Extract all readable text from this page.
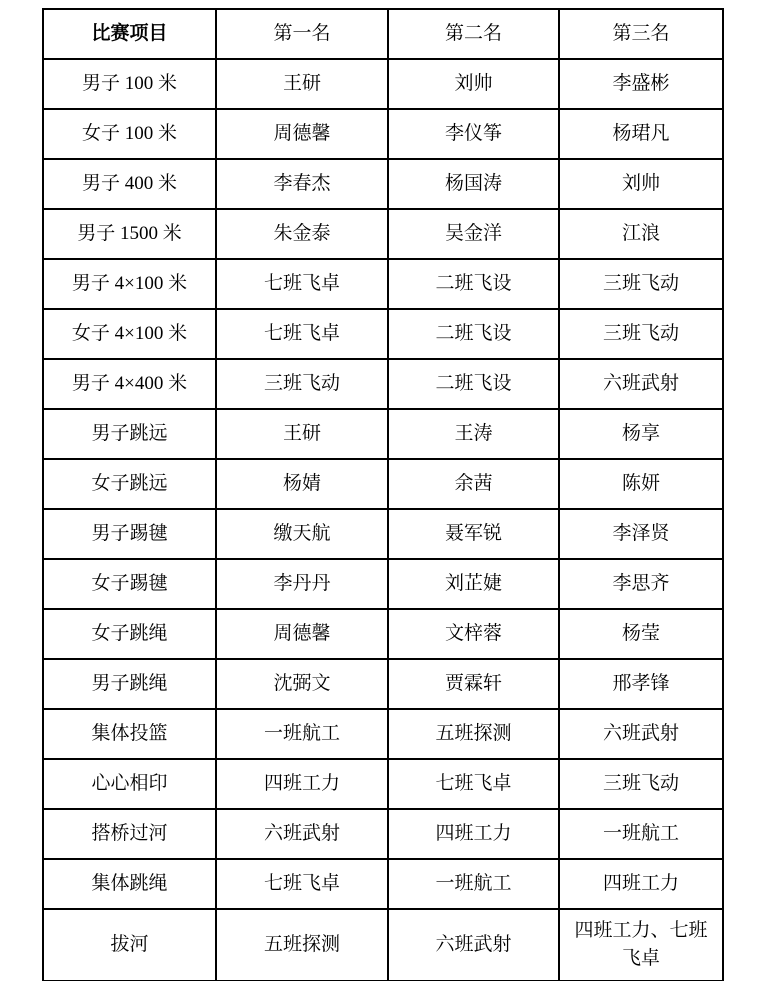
比赛项目	第一名	第二名	第三名
男子 100 米	王研	刘帅	李盛彬
女子 100 米	周德馨	李仪筝	杨珺凡
男子 400 米	李春杰	杨国涛	刘帅
男子 1500 米	朱金泰	吴金洋	江浪
男子 4×100 米	七班飞卓	二班飞设	三班飞动
女子 4×100 米	七班飞卓	二班飞设	三班飞动
男子 4×400 米	三班飞动	二班飞设	六班武射
男子跳远	王研	王涛	杨享
女子跳远	杨婧	余茜	陈妍
男子踢毽	缴天航	聂军锐	李泽贤
女子踢毽	李丹丹	刘芷婕	李思齐
女子跳绳	周德馨	文梓蓉	杨莹
男子跳绳	沈弼文	贾霖轩	邢孝锋
集体投篮	一班航工	五班探测	六班武射
心心相印	四班工力	七班飞卓	三班飞动
搭桥过河	六班武射	四班工力	一班航工
集体跳绳	七班飞卓	一班航工	四班工力
拔河	五班探测	六班武射	四班工力、七班飞卓
